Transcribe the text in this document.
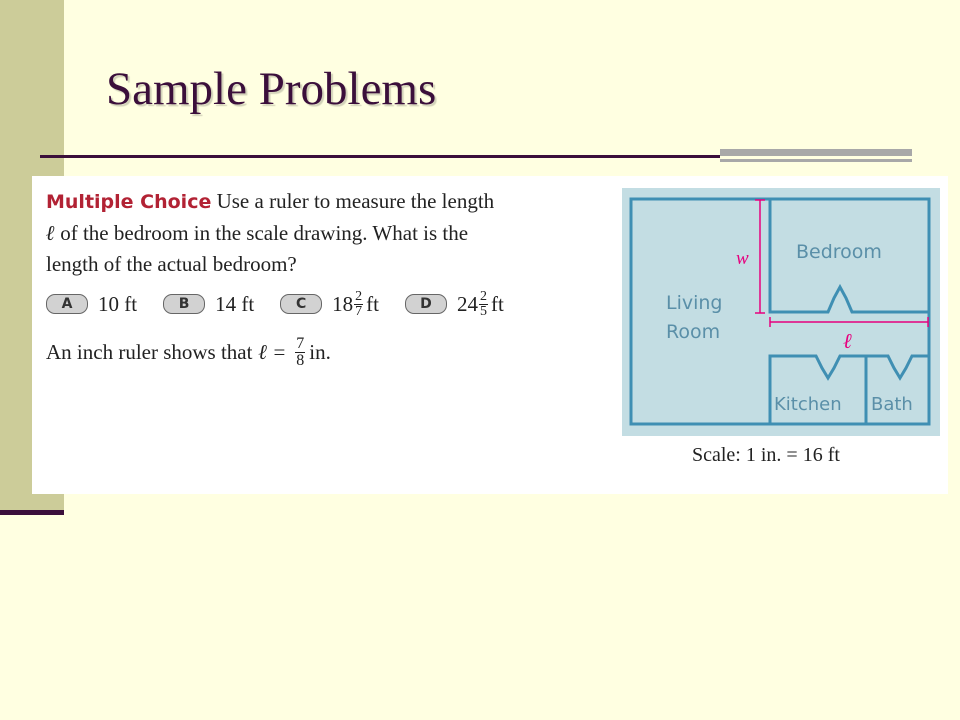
Sample Problems
Multiple Choice Use a ruler to measure the length
ℓ of the bedroom in the scale drawing. What is the
length of the actual bedroom?
A	10 ft	B	14 ft	C	$18 \frac{2}{7}$ ft	D	$24 \frac{2}{5}$ ft
An inch ruler shows that ℓ = $\frac{7}{8}$ in.
w
ℓ
Bedroom
Living
Room
Kitchen Bath
Scale: 1 in. = 16 ft
